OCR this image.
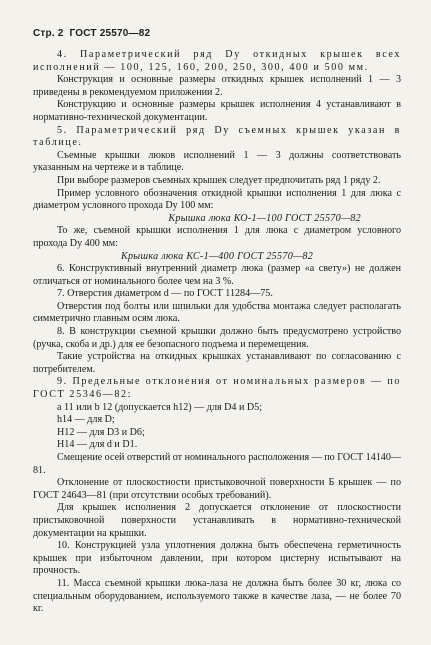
Стр. 2 ГОСТ 25570—82

4. Параметрический ряд Dу откидных крышек всех исполнений — 100, 125, 160, 200, 250, 300, 400 и 500 мм.

Конструкция и основные размеры откидных крышек исполнений 1 — 3 приведены в рекомендуемом приложении 2.

Конструкцию и основные размеры крышек исполнения 4 устанавливают в нормативно-технической документации.

5. Параметрический ряд Dу съемных крышек указан в таблице.

Съемные крышки люков исполнений 1 — 3 должны соответствовать указанным на чертеже и в таблице.

При выборе размеров съемных крышек следует предпочитать ряд 1 ряду 2.

Пример условного обозначения откидной крышки исполнения 1 для люка с диаметром условного прохода Dу 100 мм:

Крышка люка КО-1—100 ГОСТ 25570—82

То же, съемной крышки исполнения 1 для люка с диаметром условного прохода Dу 400 мм:

Крышка люка КС-1—400 ГОСТ 25570—82

6. Конструктивный внутренний диаметр люка (размер «а свету») не должен отличаться от номинального более чем на 3 %.

7. Отверстия диаметром d — по ГОСТ 11284—75.

Отверстия под болты или шпильки для удобства монтажа следует располагать симметрично главным осям люка.

8. В конструкции съемной крышки должно быть предусмотрено устройство (ручка, скоба и др.) для ее безопасного подъема и перемещения.

Такие устройства на откидных крышках устанавливают по согласованию с потребителем.

9. Предельные отклонения от номинальных размеров — по ГОСТ 25346—82:

а 11 или b 12 (допускается h12) — для D4 и D5;

h14 — для D;

H12 — для D3 и D6;

H14 — для d и D1.

Смещение осей отверстий от номинального расположения — по ГОСТ 14140—81.

Отклонение от плоскостности пристыковочной поверхности Б крышек — по ГОСТ 24643—81 (при отсутствии особых требований).

Для крышек исполнения 2 допускается отклонение от плоскостности пристыковочной поверхности устанавливать в нормативно-технической документации на крышки.

10. Конструкцией узла уплотнения должна быть обеспечена герметичность крышек при избыточном давлении, при котором цистерну испытывают на прочность.

11. Масса съемной крышки люка-лаза не должна быть более 30 кг, люка со специальным оборудованием, используемого также в качестве лаза, — не более 70 кг.
